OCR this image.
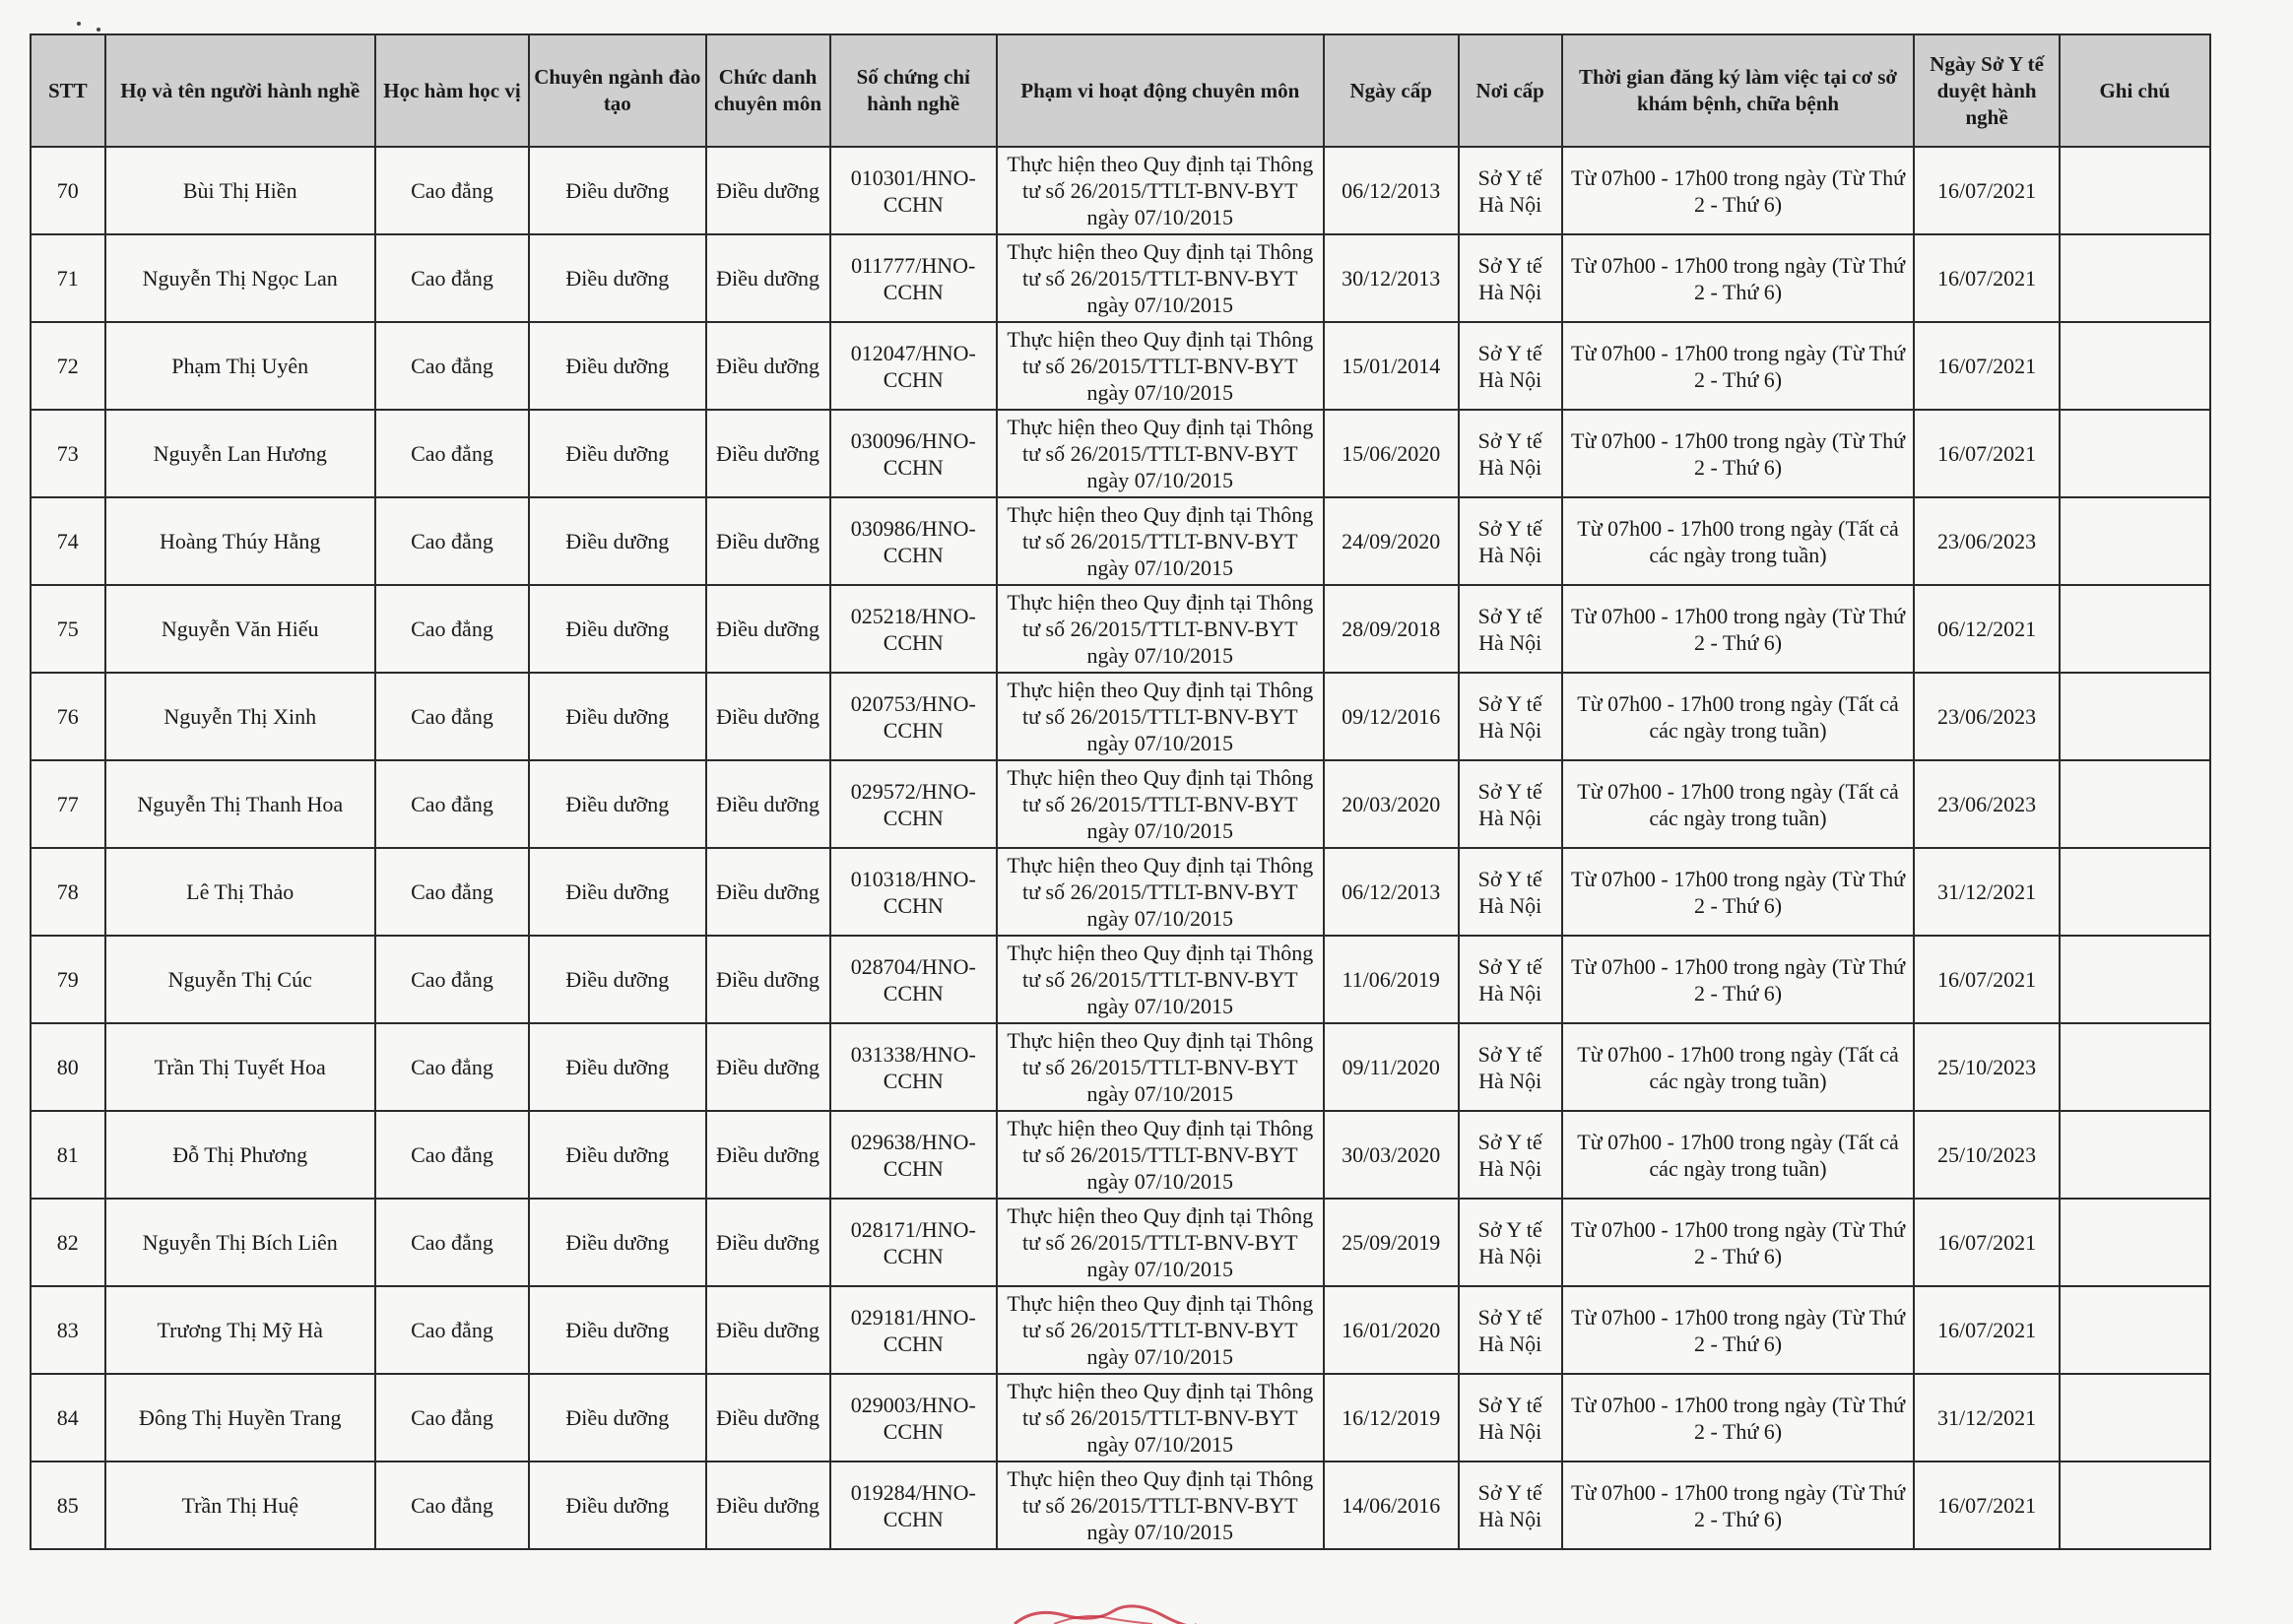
STT	Họ và tên người hành nghề	Học hàm học vị	Chuyên ngành đào tạo	Chức danh chuyên môn	Số chứng chỉ hành nghề	Phạm vi hoạt động chuyên môn	Ngày cấp	Nơi cấp	Thời gian đăng ký làm việc tại cơ sở khám bệnh, chữa bệnh	Ngày Sở Y tế duyệt hành nghề	Ghi chú
70	Bùi Thị Hiền	Cao đẳng	Điều dưỡng	Điều dưỡng	010301/HNO-CCHN	Thực hiện theo Quy định tại Thông tư số 26/2015/TTLT-BNV-BYT ngày 07/10/2015	06/12/2013	Sở Y tế Hà Nội	Từ 07h00 - 17h00 trong ngày (Từ Thứ 2 - Thứ 6)	16/07/2021	
71	Nguyễn Thị Ngọc Lan	Cao đẳng	Điều dưỡng	Điều dưỡng	011777/HNO-CCHN	Thực hiện theo Quy định tại Thông tư số 26/2015/TTLT-BNV-BYT ngày 07/10/2015	30/12/2013	Sở Y tế Hà Nội	Từ 07h00 - 17h00 trong ngày (Từ Thứ 2 - Thứ 6)	16/07/2021	
72	Phạm Thị Uyên	Cao đẳng	Điều dưỡng	Điều dưỡng	012047/HNO-CCHN	Thực hiện theo Quy định tại Thông tư số 26/2015/TTLT-BNV-BYT ngày 07/10/2015	15/01/2014	Sở Y tế Hà Nội	Từ 07h00 - 17h00 trong ngày (Từ Thứ 2 - Thứ 6)	16/07/2021	
73	Nguyễn Lan Hương	Cao đẳng	Điều dưỡng	Điều dưỡng	030096/HNO-CCHN	Thực hiện theo Quy định tại Thông tư số 26/2015/TTLT-BNV-BYT ngày 07/10/2015	15/06/2020	Sở Y tế Hà Nội	Từ 07h00 - 17h00 trong ngày (Từ Thứ 2 - Thứ 6)	16/07/2021	
74	Hoàng Thúy Hằng	Cao đẳng	Điều dưỡng	Điều dưỡng	030986/HNO-CCHN	Thực hiện theo Quy định tại Thông tư số 26/2015/TTLT-BNV-BYT ngày 07/10/2015	24/09/2020	Sở Y tế Hà Nội	Từ 07h00 - 17h00 trong ngày (Tất cả các ngày trong tuần)	23/06/2023	
75	Nguyễn Văn Hiếu	Cao đẳng	Điều dưỡng	Điều dưỡng	025218/HNO-CCHN	Thực hiện theo Quy định tại Thông tư số 26/2015/TTLT-BNV-BYT ngày 07/10/2015	28/09/2018	Sở Y tế Hà Nội	Từ 07h00 - 17h00 trong ngày (Từ Thứ 2 - Thứ 6)	06/12/2021	
76	Nguyễn Thị Xinh	Cao đẳng	Điều dưỡng	Điều dưỡng	020753/HNO-CCHN	Thực hiện theo Quy định tại Thông tư số 26/2015/TTLT-BNV-BYT ngày 07/10/2015	09/12/2016	Sở Y tế Hà Nội	Từ 07h00 - 17h00 trong ngày (Tất cả các ngày trong tuần)	23/06/2023	
77	Nguyễn Thị Thanh Hoa	Cao đẳng	Điều dưỡng	Điều dưỡng	029572/HNO-CCHN	Thực hiện theo Quy định tại Thông tư số 26/2015/TTLT-BNV-BYT ngày 07/10/2015	20/03/2020	Sở Y tế Hà Nội	Từ 07h00 - 17h00 trong ngày (Tất cả các ngày trong tuần)	23/06/2023	
78	Lê Thị Thảo	Cao đẳng	Điều dưỡng	Điều dưỡng	010318/HNO-CCHN	Thực hiện theo Quy định tại Thông tư số 26/2015/TTLT-BNV-BYT ngày 07/10/2015	06/12/2013	Sở Y tế Hà Nội	Từ 07h00 - 17h00 trong ngày (Từ Thứ 2 - Thứ 6)	31/12/2021	
79	Nguyễn Thị Cúc	Cao đẳng	Điều dưỡng	Điều dưỡng	028704/HNO-CCHN	Thực hiện theo Quy định tại Thông tư số 26/2015/TTLT-BNV-BYT ngày 07/10/2015	11/06/2019	Sở Y tế Hà Nội	Từ 07h00 - 17h00 trong ngày (Từ Thứ 2 - Thứ 6)	16/07/2021	
80	Trần Thị Tuyết Hoa	Cao đẳng	Điều dưỡng	Điều dưỡng	031338/HNO-CCHN	Thực hiện theo Quy định tại Thông tư số 26/2015/TTLT-BNV-BYT ngày 07/10/2015	09/11/2020	Sở Y tế Hà Nội	Từ 07h00 - 17h00 trong ngày (Tất cả các ngày trong tuần)	25/10/2023	
81	Đỗ Thị Phương	Cao đẳng	Điều dưỡng	Điều dưỡng	029638/HNO-CCHN	Thực hiện theo Quy định tại Thông tư số 26/2015/TTLT-BNV-BYT ngày 07/10/2015	30/03/2020	Sở Y tế Hà Nội	Từ 07h00 - 17h00 trong ngày (Tất cả các ngày trong tuần)	25/10/2023	
82	Nguyễn Thị Bích Liên	Cao đẳng	Điều dưỡng	Điều dưỡng	028171/HNO-CCHN	Thực hiện theo Quy định tại Thông tư số 26/2015/TTLT-BNV-BYT ngày 07/10/2015	25/09/2019	Sở Y tế Hà Nội	Từ 07h00 - 17h00 trong ngày (Từ Thứ 2 - Thứ 6)	16/07/2021	
83	Trương Thị Mỹ Hà	Cao đẳng	Điều dưỡng	Điều dưỡng	029181/HNO-CCHN	Thực hiện theo Quy định tại Thông tư số 26/2015/TTLT-BNV-BYT ngày 07/10/2015	16/01/2020	Sở Y tế Hà Nội	Từ 07h00 - 17h00 trong ngày (Từ Thứ 2 - Thứ 6)	16/07/2021	
84	Đông Thị Huyền Trang	Cao đẳng	Điều dưỡng	Điều dưỡng	029003/HNO-CCHN	Thực hiện theo Quy định tại Thông tư số 26/2015/TTLT-BNV-BYT ngày 07/10/2015	16/12/2019	Sở Y tế Hà Nội	Từ 07h00 - 17h00 trong ngày (Từ Thứ 2 - Thứ 6)	31/12/2021	
85	Trần Thị Huệ	Cao đẳng	Điều dưỡng	Điều dưỡng	019284/HNO-CCHN	Thực hiện theo Quy định tại Thông tư số 26/2015/TTLT-BNV-BYT ngày 07/10/2015	14/06/2016	Sở Y tế Hà Nội	Từ 07h00 - 17h00 trong ngày (Từ Thứ 2 - Thứ 6)	16/07/2021	
